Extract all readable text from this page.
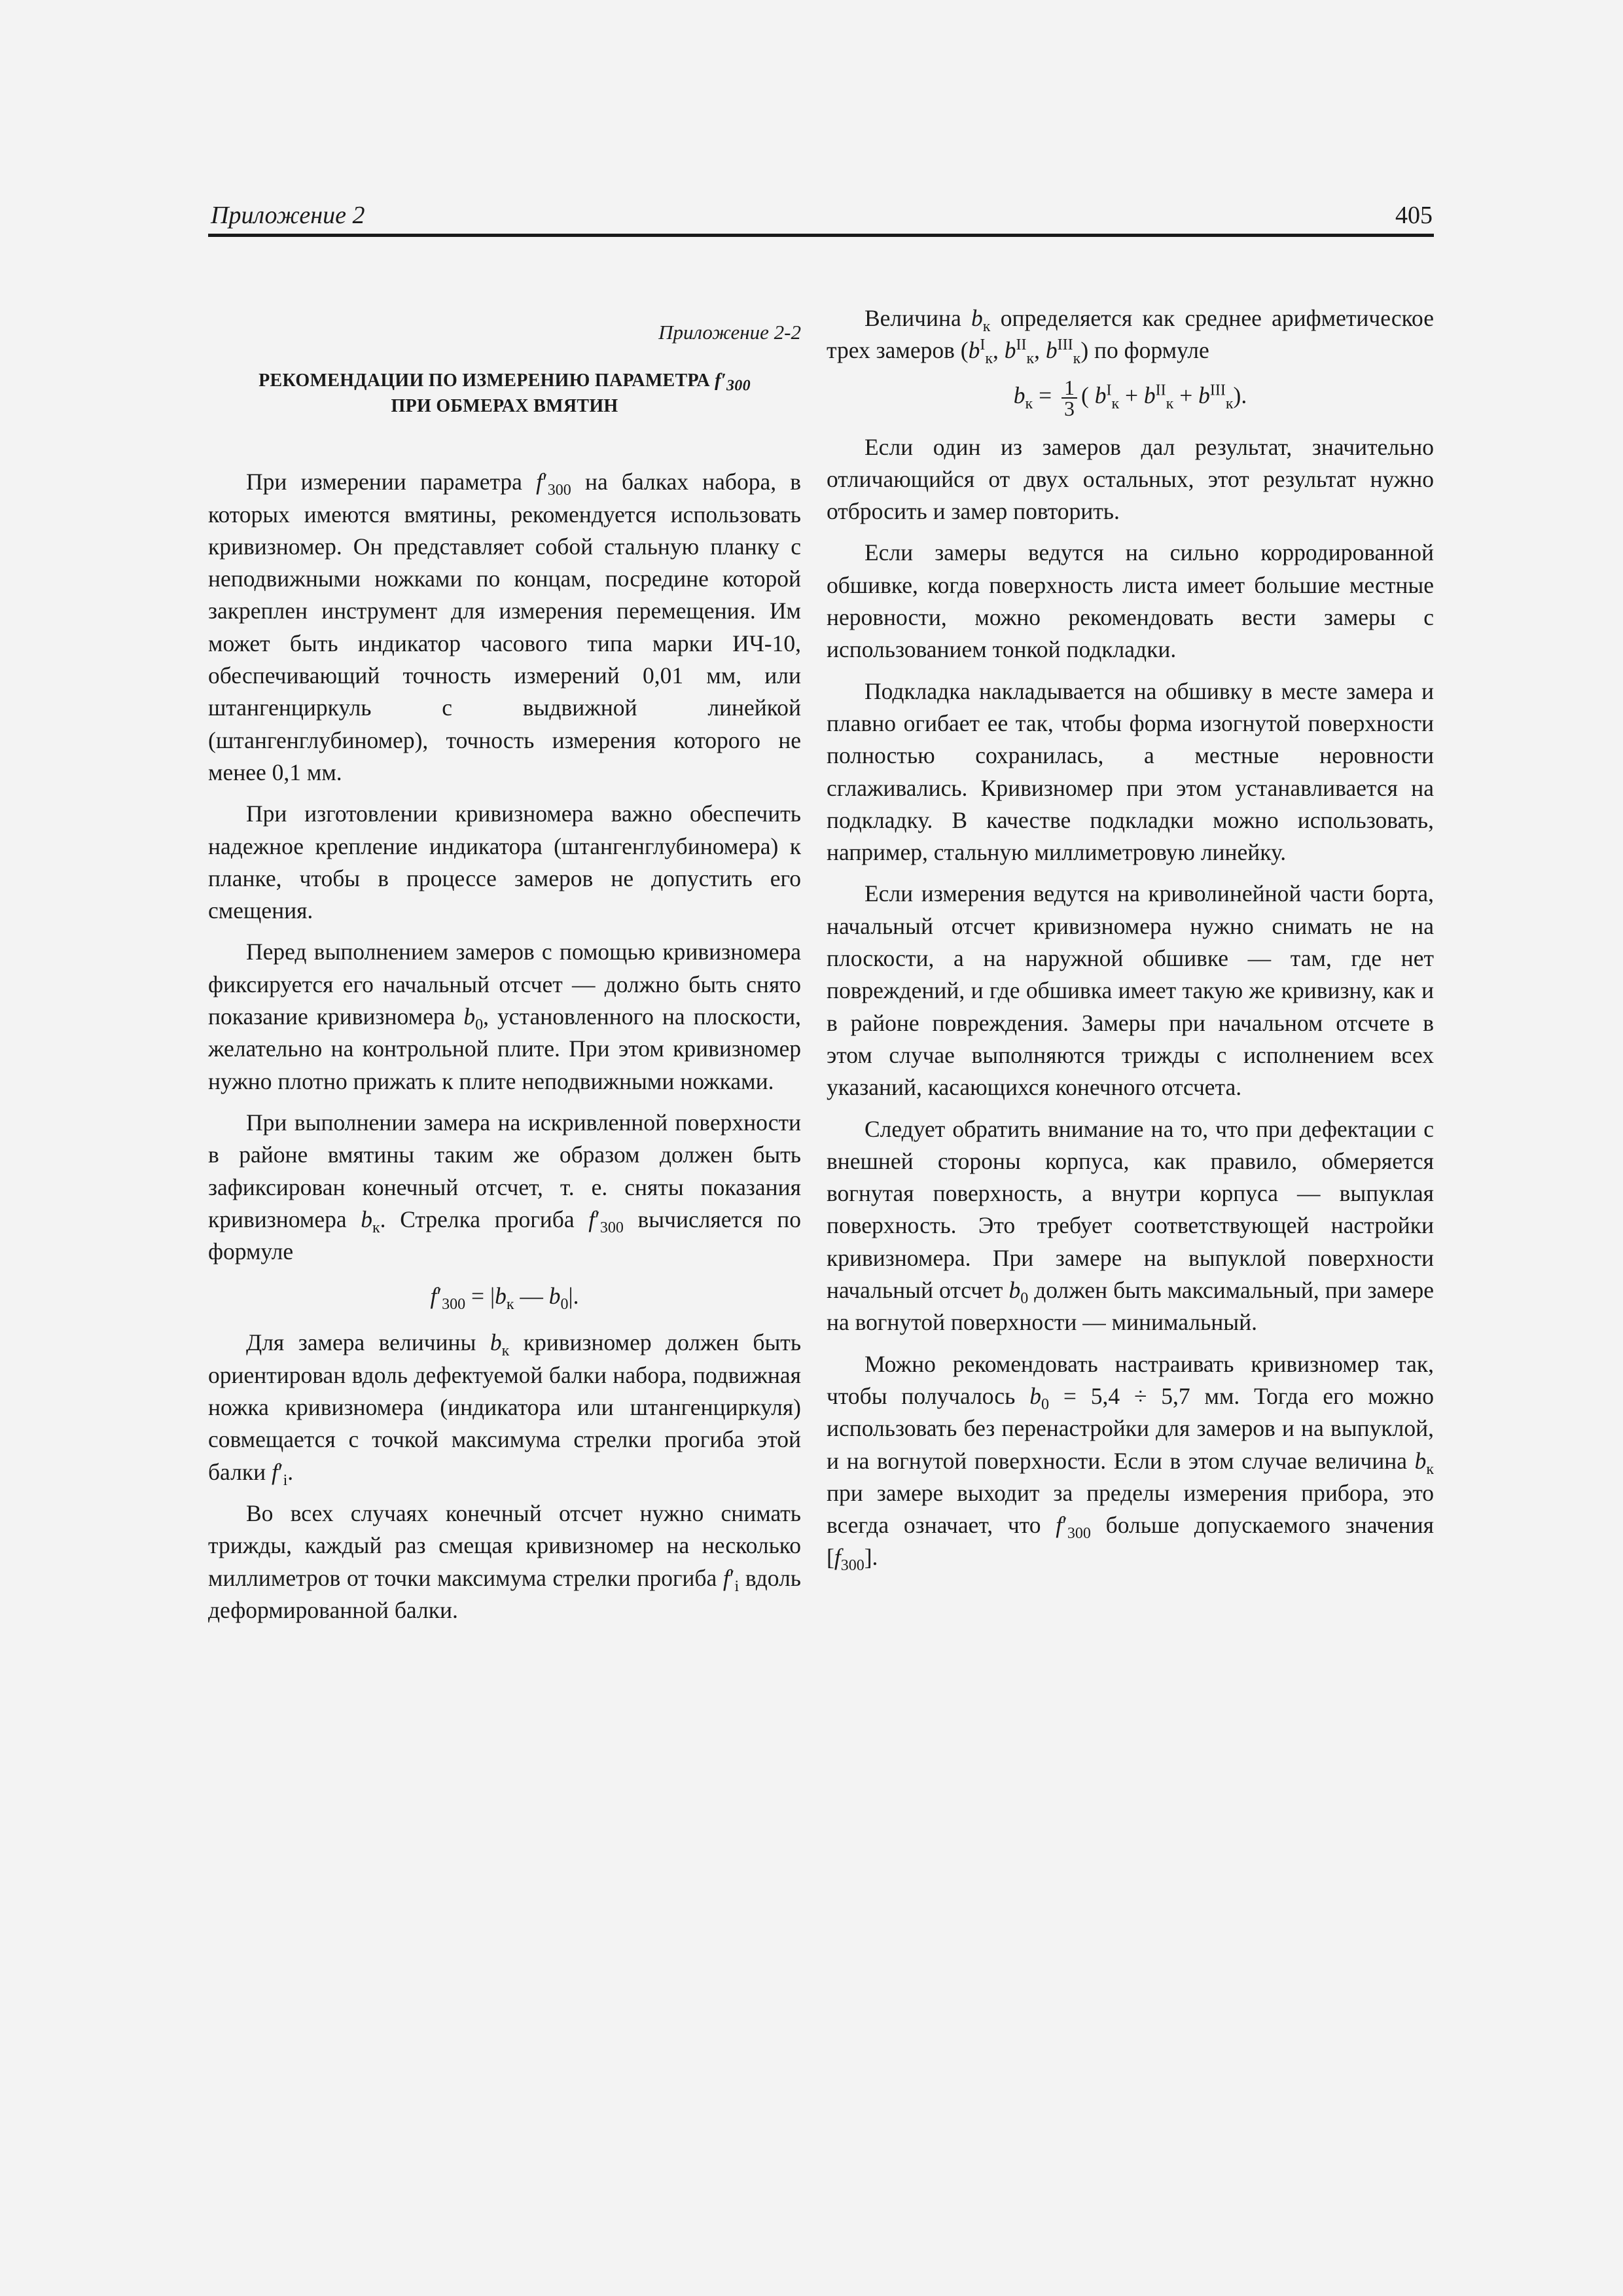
Приложение 2	405
Приложение 2-2
РЕКОМЕНДАЦИИ ПО ИЗМЕРЕНИЮ ПАРАМЕТРА $f'_{300}$
ПРИ ОБМЕРАХ ВМЯТИН

При измерении параметра $f'_{300}$ на балках набора, в которых имеются вмятины, рекомендуется использовать кривизномер. Он представляет собой стальную планку с неподвижными ножками по концам, посредине которой закреплен инструмент для измерения перемещения. Им может быть индикатор часового типа марки ИЧ-10, обеспечивающий точность измерений 0,01 мм, или штангенциркуль с выдвижной линейкой (штангенглубиномер), точность измерения которого не менее 0,1 мм.

При изготовлении кривизномера важно обеспечить надежное крепление индикатора (штангенглубиномера) к планке, чтобы в процессе замеров не допустить его смещения.

Перед выполнением замеров с помощью кривизномера фиксируется его начальный отсчет — должно быть снято показание кривизномера $b_0$, установленного на плоскости, желательно на контрольной плите. При этом кривизномер нужно плотно прижать к плите неподвижными ножками.

При выполнении замера на искривленной поверхности в районе вмятины таким же образом должен быть зафиксирован конечный отсчет, т. е. сняты показания кривизномера $b_к$. Стрелка прогиба $f'_{300}$ вычисляется по формуле

$f'_{300} = |b_к$ — $b_0|$.

Для замера величины $b_к$ кривизномер должен быть ориентирован вдоль дефектуемой балки набора, подвижная ножка кривизномера (индикатора или штангенциркуля) совмещается с точкой максимума стрелки прогиба этой балки $f'_i$.

Во всех случаях конечный отсчет нужно снимать трижды, каждый раз смещая кривизномер на несколько миллиметров от точки максимума стрелки прогиба $f'_i$ вдоль деформированной балки.

Величина $b_к$ определяется как среднее арифметическое трех замеров ($b^I_к$, $b^{II}_к$, $b^{III}_к$) по формуле

$b_к = \frac{1}{3}$ ( $b^I_к + b^{II}_к + b^{III}_к$).

Если один из замеров дал результат, значительно отличающийся от двух остальных, этот результат нужно отбросить и замер повторить.

Если замеры ведутся на сильно корродированной обшивке, когда поверхность листа имеет большие местные неровности, можно рекомендовать вести замеры с использованием тонкой подкладки.

Подкладка накладывается на обшивку в месте замера и плавно огибает ее так, чтобы форма изогнутой поверхности полностью сохранилась, а местные неровности сглаживались. Кривизномер при этом устанавливается на подкладку. В качестве подкладки можно использовать, например, стальную миллиметровую линейку.

Если измерения ведутся на криволинейной части борта, начальный отсчет кривизномера нужно снимать не на плоскости, а на наружной обшивке — там, где нет повреждений, и где обшивка имеет такую же кривизну, как и в районе повреждения. Замеры при начальном отсчете в этом случае выполняются трижды с исполнением всех указаний, касающихся конечного отсчета.

Следует обратить внимание на то, что при дефектации с внешней стороны корпуса, как правило, обмеряется вогнутая поверхность, а внутри корпуса — выпуклая поверхность. Это требует соответствующей настройки кривизномера. При замере на выпуклой поверхности начальный отсчет $b_0$ должен быть максимальный, при замере на вогнутой поверхности — минимальный.

Можно рекомендовать настраивать кривизномер так, чтобы получалось $b_0 = 5,4 \div 5,7$ мм. Тогда его можно использовать без перенастройки для замеров и на выпуклой, и на вогнутой поверхности. Если в этом случае величина $b_к$ при замере выходит за пределы измерения прибора, это всегда означает, что $f'_{300}$ больше допускаемого значения $[f_{300}]$.
